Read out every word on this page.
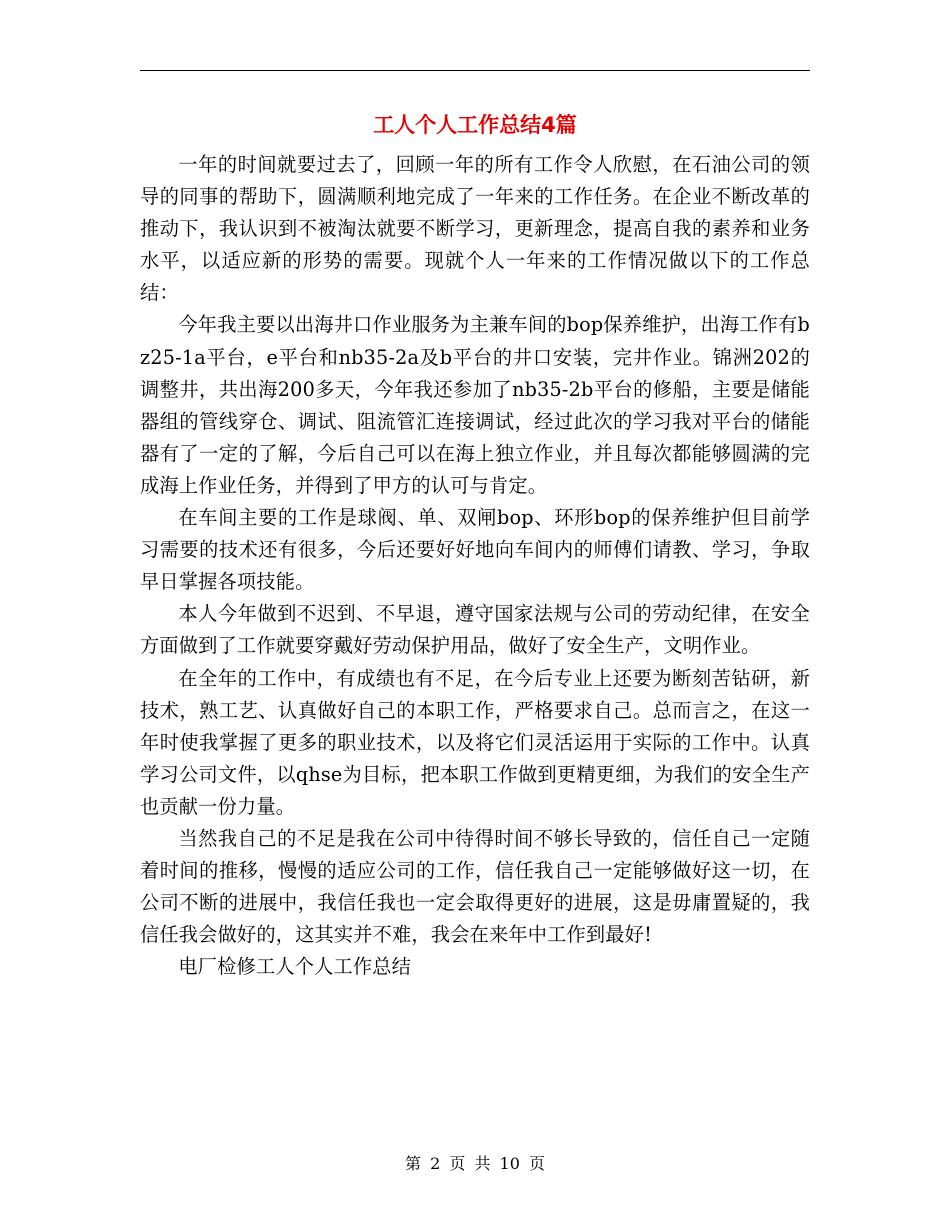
工人个人工作总结4篇

一年的时间就要过去了，回顾一年的所有工作令人欣慰，在石油公司的领导的同事的帮助下，圆满顺利地完成了一年来的工作任务。在企业不断改革的推动下，我认识到不被淘汰就要不断学习，更新理念，提高自我的素养和业务水平，以适应新的形势的需要。现就个人一年来的工作情况做以下的工作总结：

今年我主要以出海井口作业服务为主兼车间的bop保养维护，出海工作有bz25-1a平台，e平台和nb35-2a及b平台的井口安装，完井作业。锦洲202的调整井，共出海200多天，今年我还参加了nb35-2b平台的修船，主要是储能器组的管线穿仓、调试、阻流管汇连接调试，经过此次的学习我对平台的储能器有了一定的了解，今后自己可以在海上独立作业，并且每次都能够圆满的完成海上作业任务，并得到了甲方的认可与肯定。

在车间主要的工作是球阀、单、双闸bop、环形bop的保养维护但目前学习需要的技术还有很多，今后还要好好地向车间内的师傅们请教、学习，争取早日掌握各项技能。

本人今年做到不迟到、不早退，遵守国家法规与公司的劳动纪律，在安全方面做到了工作就要穿戴好劳动保护用品，做好了安全生产，文明作业。

在全年的工作中，有成绩也有不足，在今后专业上还要为断刻苦钻研，新技术，熟工艺、认真做好自己的本职工作，严格要求自己。总而言之，在这一年时使我掌握了更多的职业技术，以及将它们灵活运用于实际的工作中。认真学习公司文件，以qhse为目标，把本职工作做到更精更细，为我们的安全生产也贡献一份力量。

当然我自己的不足是我在公司中待得时间不够长导致的，信任自己一定随着时间的推移，慢慢的适应公司的工作，信任我自己一定能够做好这一切，在公司不断的进展中，我信任我也一定会取得更好的进展，这是毋庸置疑的，我信任我会做好的，这其实并不难，我会在来年中工作到最好!

电厂检修工人个人工作总结

第 2 页 共 10 页
